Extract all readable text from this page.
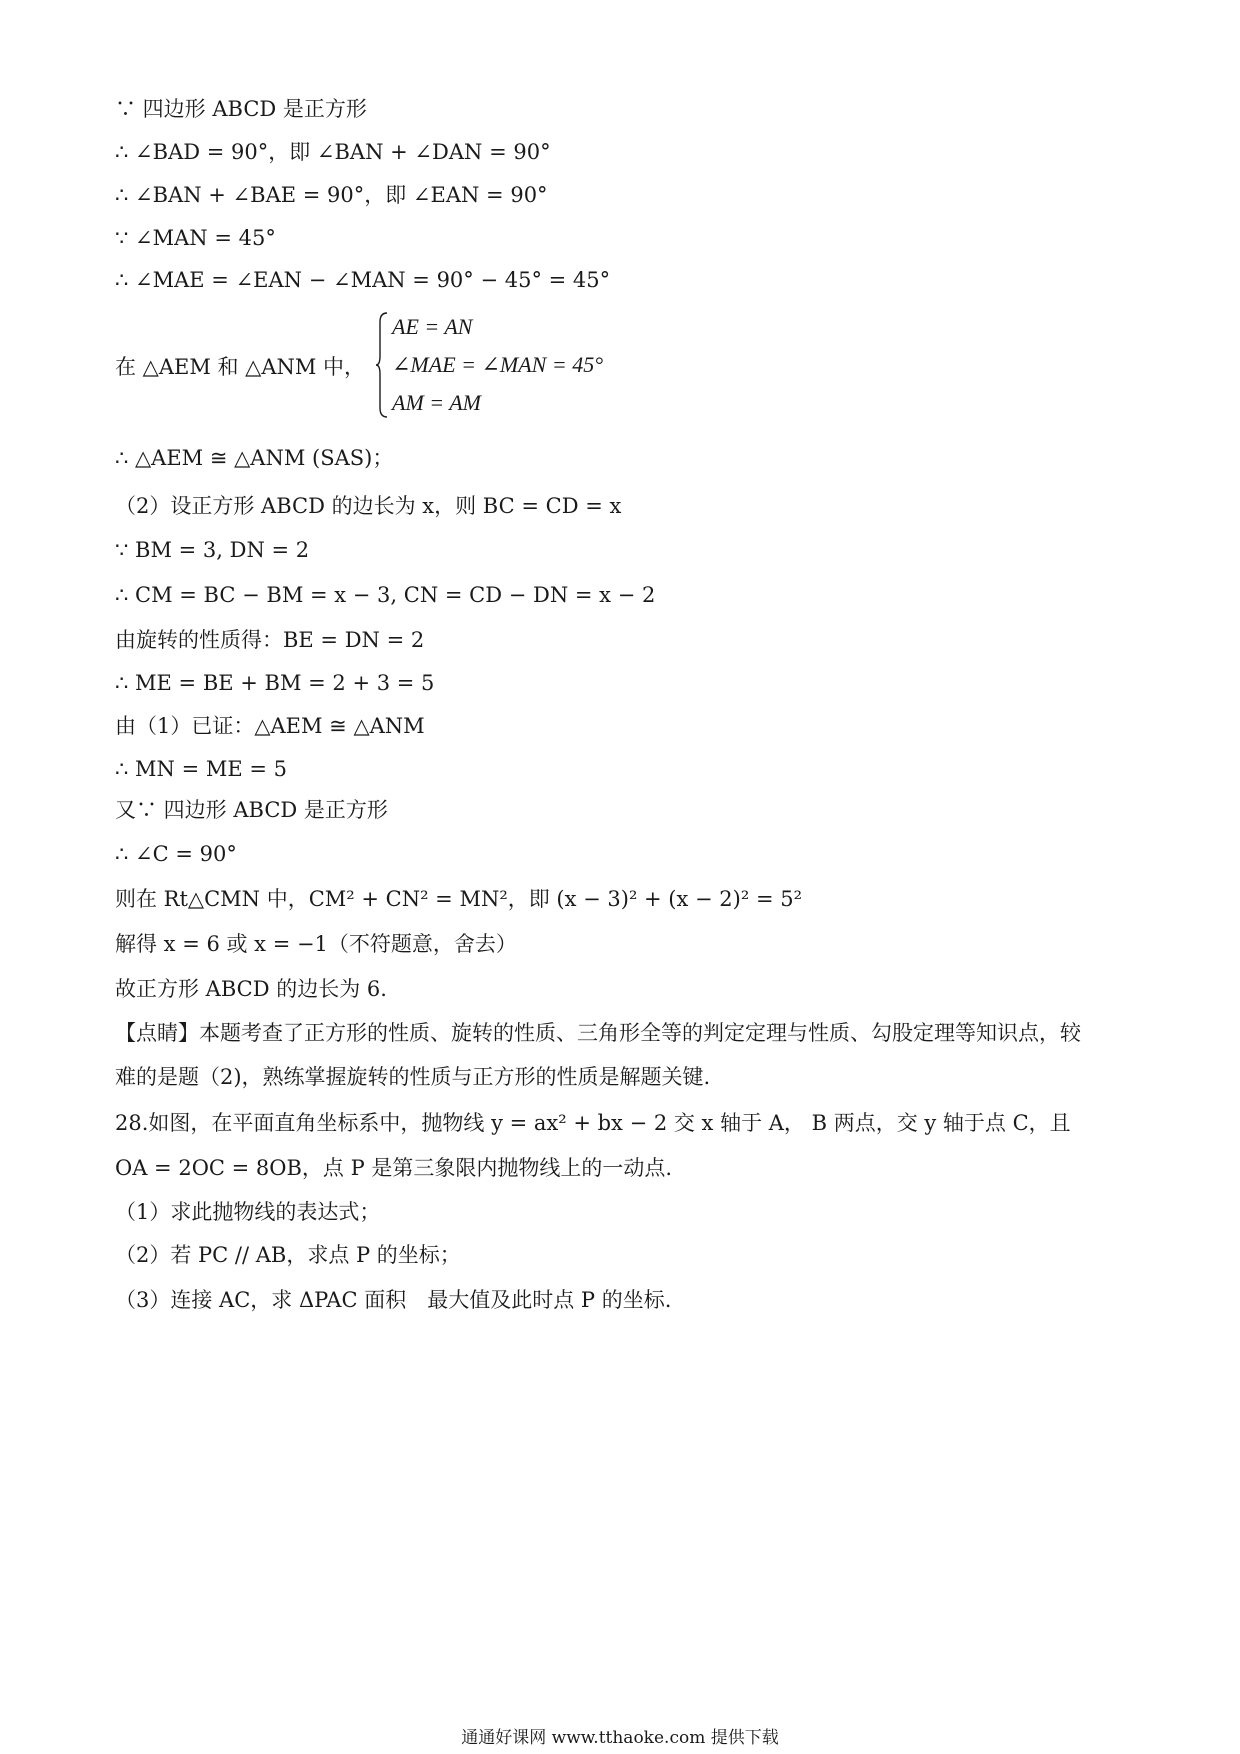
∵ 四边形 ABCD 是正方形
∴ ∠BAD = 90°，即 ∠BAN + ∠DAN = 90°
∴ ∠BAN + ∠BAE = 90°，即 ∠EAN = 90°
∵ ∠MAN = 45°
∴ ∠MAE = ∠EAN − ∠MAN = 90° − 45° = 45°
在 △AEM 和 △ANM 中，
AE = AN
∠MAE = ∠MAN = 45°
AM = AM
∴ △AEM ≅ △ANM (SAS)；
（2）设正方形 ABCD 的边长为 x，则 BC = CD = x
∵ BM = 3, DN = 2
∴ CM = BC − BM = x − 3, CN = CD − DN = x − 2
由旋转的性质得：BE = DN = 2
∴ ME = BE + BM = 2 + 3 = 5
由（1）已证：△AEM ≅ △ANM
∴ MN = ME = 5
又∵ 四边形 ABCD 是正方形
∴ ∠C = 90°
则在 Rt△CMN 中，CM² + CN² = MN²，即 (x − 3)² + (x − 2)² = 5²
解得 x = 6 或 x = −1（不符题意，舍去）
故正方形 ABCD 的边长为 6.
【点睛】本题考查了正方形的性质、旋转的性质、三角形全等的判定定理与性质、勾股定理等知识点，较
难的是题（2)，熟练掌握旋转的性质与正方形的性质是解题关键.
28.如图，在平面直角坐标系中，抛物线 y = ax² + bx − 2 交 x 轴于 A， B 两点，交 y 轴于点 C，且
OA = 2OC = 8OB，点 P 是第三象限内抛物线上的一动点.
（1）求此抛物线的表达式；
（2）若 PC // AB，求点 P 的坐标；
（3）连接 AC，求 ΔPAC 面积　最大值及此时点 P 的坐标.
通通好课网 www.tthaoke.com 提供下载
